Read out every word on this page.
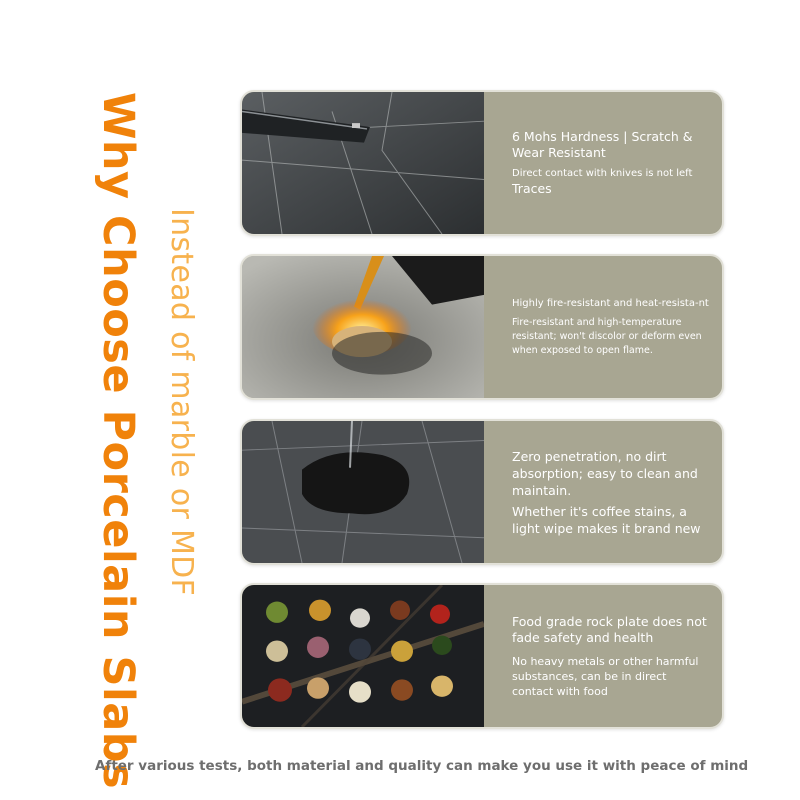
Why Choose Porcelain Slabs Instead of marble or MDF
6 Mohs Hardness | Scratch & Wear Resistant
Direct contact with knives is not left
Traces
Highly fire-resistant and heat-resista-nt
Fire-resistant and high-temperature resistant; won't discolor or deform even when exposed to open flame.
Zero penetration, no dirt absorption; easy to clean and maintain.
Whether it's coffee stains, a light wipe makes it brand new
Food grade rock plate does not fade safety and health
No heavy metals or other harmful substances, can be in direct contact with food
After various tests, both material and quality can make you use it with peace of mind
